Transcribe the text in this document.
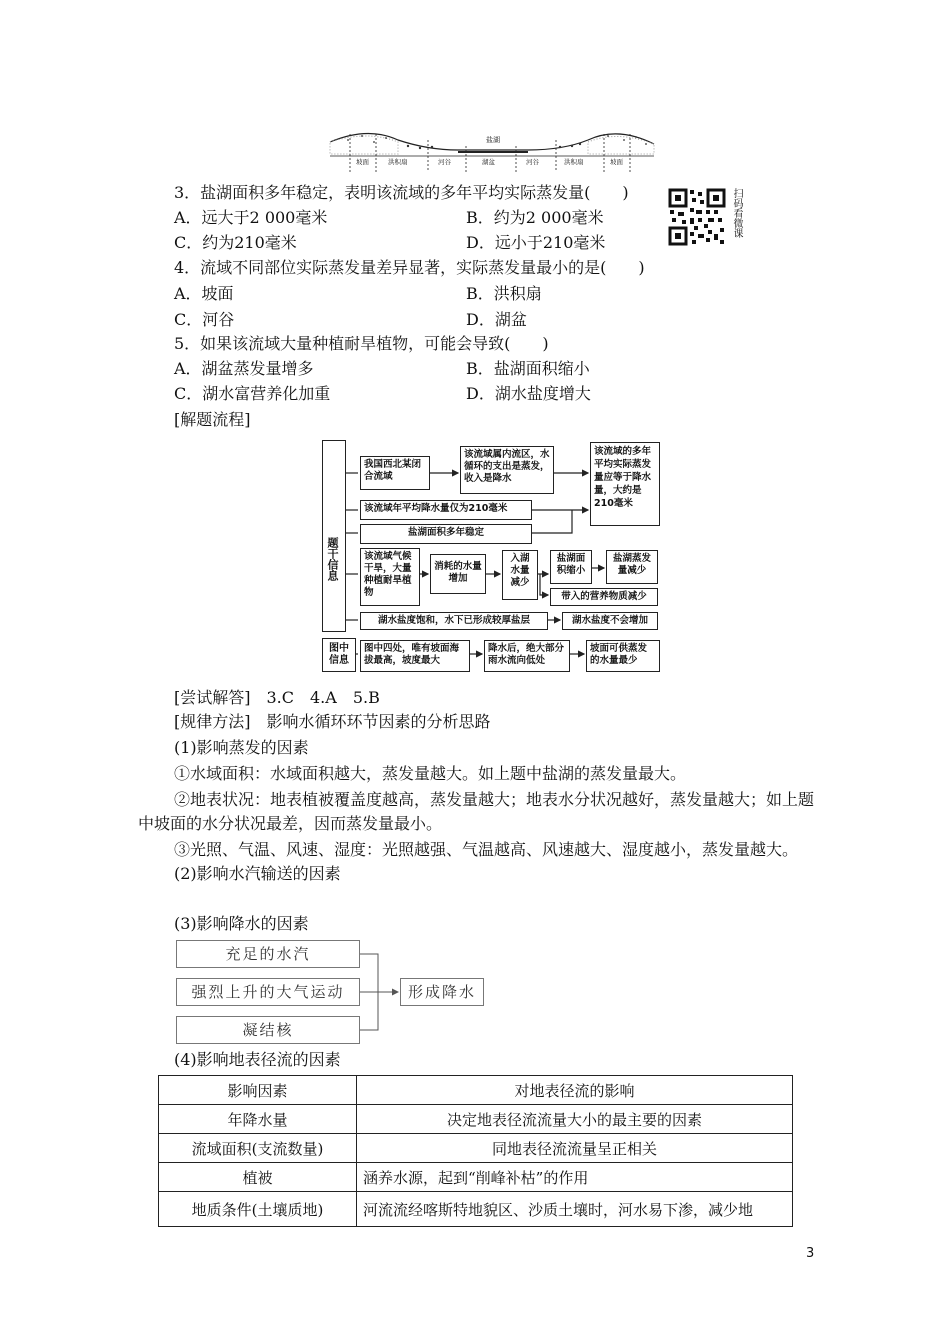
盐湖
坡面	洪积扇	河谷	湖盆	河谷	洪积扇	坡面
扫码看微课
3．盐湖面积多年稳定，表明该流域的多年平均实际蒸发量(　　)
A．远大于2 000毫米	B．约为2 000毫米
C．约为210毫米	D．远小于210毫米
4．流域不同部位实际蒸发量差异显著，实际蒸发量最小的是(　　)
A．坡面	B．洪积扇
C．河谷	D．湖盆
5．如果该流域大量种植耐旱植物，可能会导致(　　)
A．湖盆蒸发量增多	B．盐湖面积缩小
C．湖水富营养化加重	D．湖水盐度增大
[解题流程]
题干信息
图中信息
我国西北某闭合流域
该流域属内流区，水循环的支出是蒸发，收入是降水
该流域的多年平均实际蒸发量应等于降水量，大约是210毫米
该流域年平均降水量仅为210毫米
盐湖面积多年稳定
该流域气候干旱，大量种植耐旱植物
消耗的水量增加
入湖水量减少
盐湖面积缩小
盐湖蒸发量减少
带入的营养物质减少
湖水盐度饱和，水下已形成较厚盐层	湖水盐度不会增加
图中四处，唯有坡面海拔最高，坡度最大
降水后，绝大部分雨水流向低处
坡面可供蒸发的水量最少
[尝试解答]　3.C　4.A　5.B
[规律方法]　影响水循环环节因素的分析思路
(1)影响蒸发的因素
①水域面积：水域面积越大，蒸发量越大。如上题中盐湖的蒸发量最大。
②地表状况：地表植被覆盖度越高，蒸发量越大；地表水分状况越好，蒸发量越大；如上题
中坡面的水分状况最差，因而蒸发量最小。
③光照、气温、风速、湿度：光照越强、气温越高、风速越大、湿度越小，蒸发量越大。
(2)影响水汽输送的因素
(3)影响降水的因素
充足的水汽
强烈上升的大气运动
凝结核
形成降水
(4)影响地表径流的因素
影响因素	对地表径流的影响
年降水量	决定地表径流流量大小的最主要的因素
流域面积(支流数量)	同地表径流流量呈正相关
植被	涵养水源，起到“削峰补枯”的作用
地质条件(土壤质地)	河流流经喀斯特地貌区、沙质土壤时，河水易下渗，减少地
3
